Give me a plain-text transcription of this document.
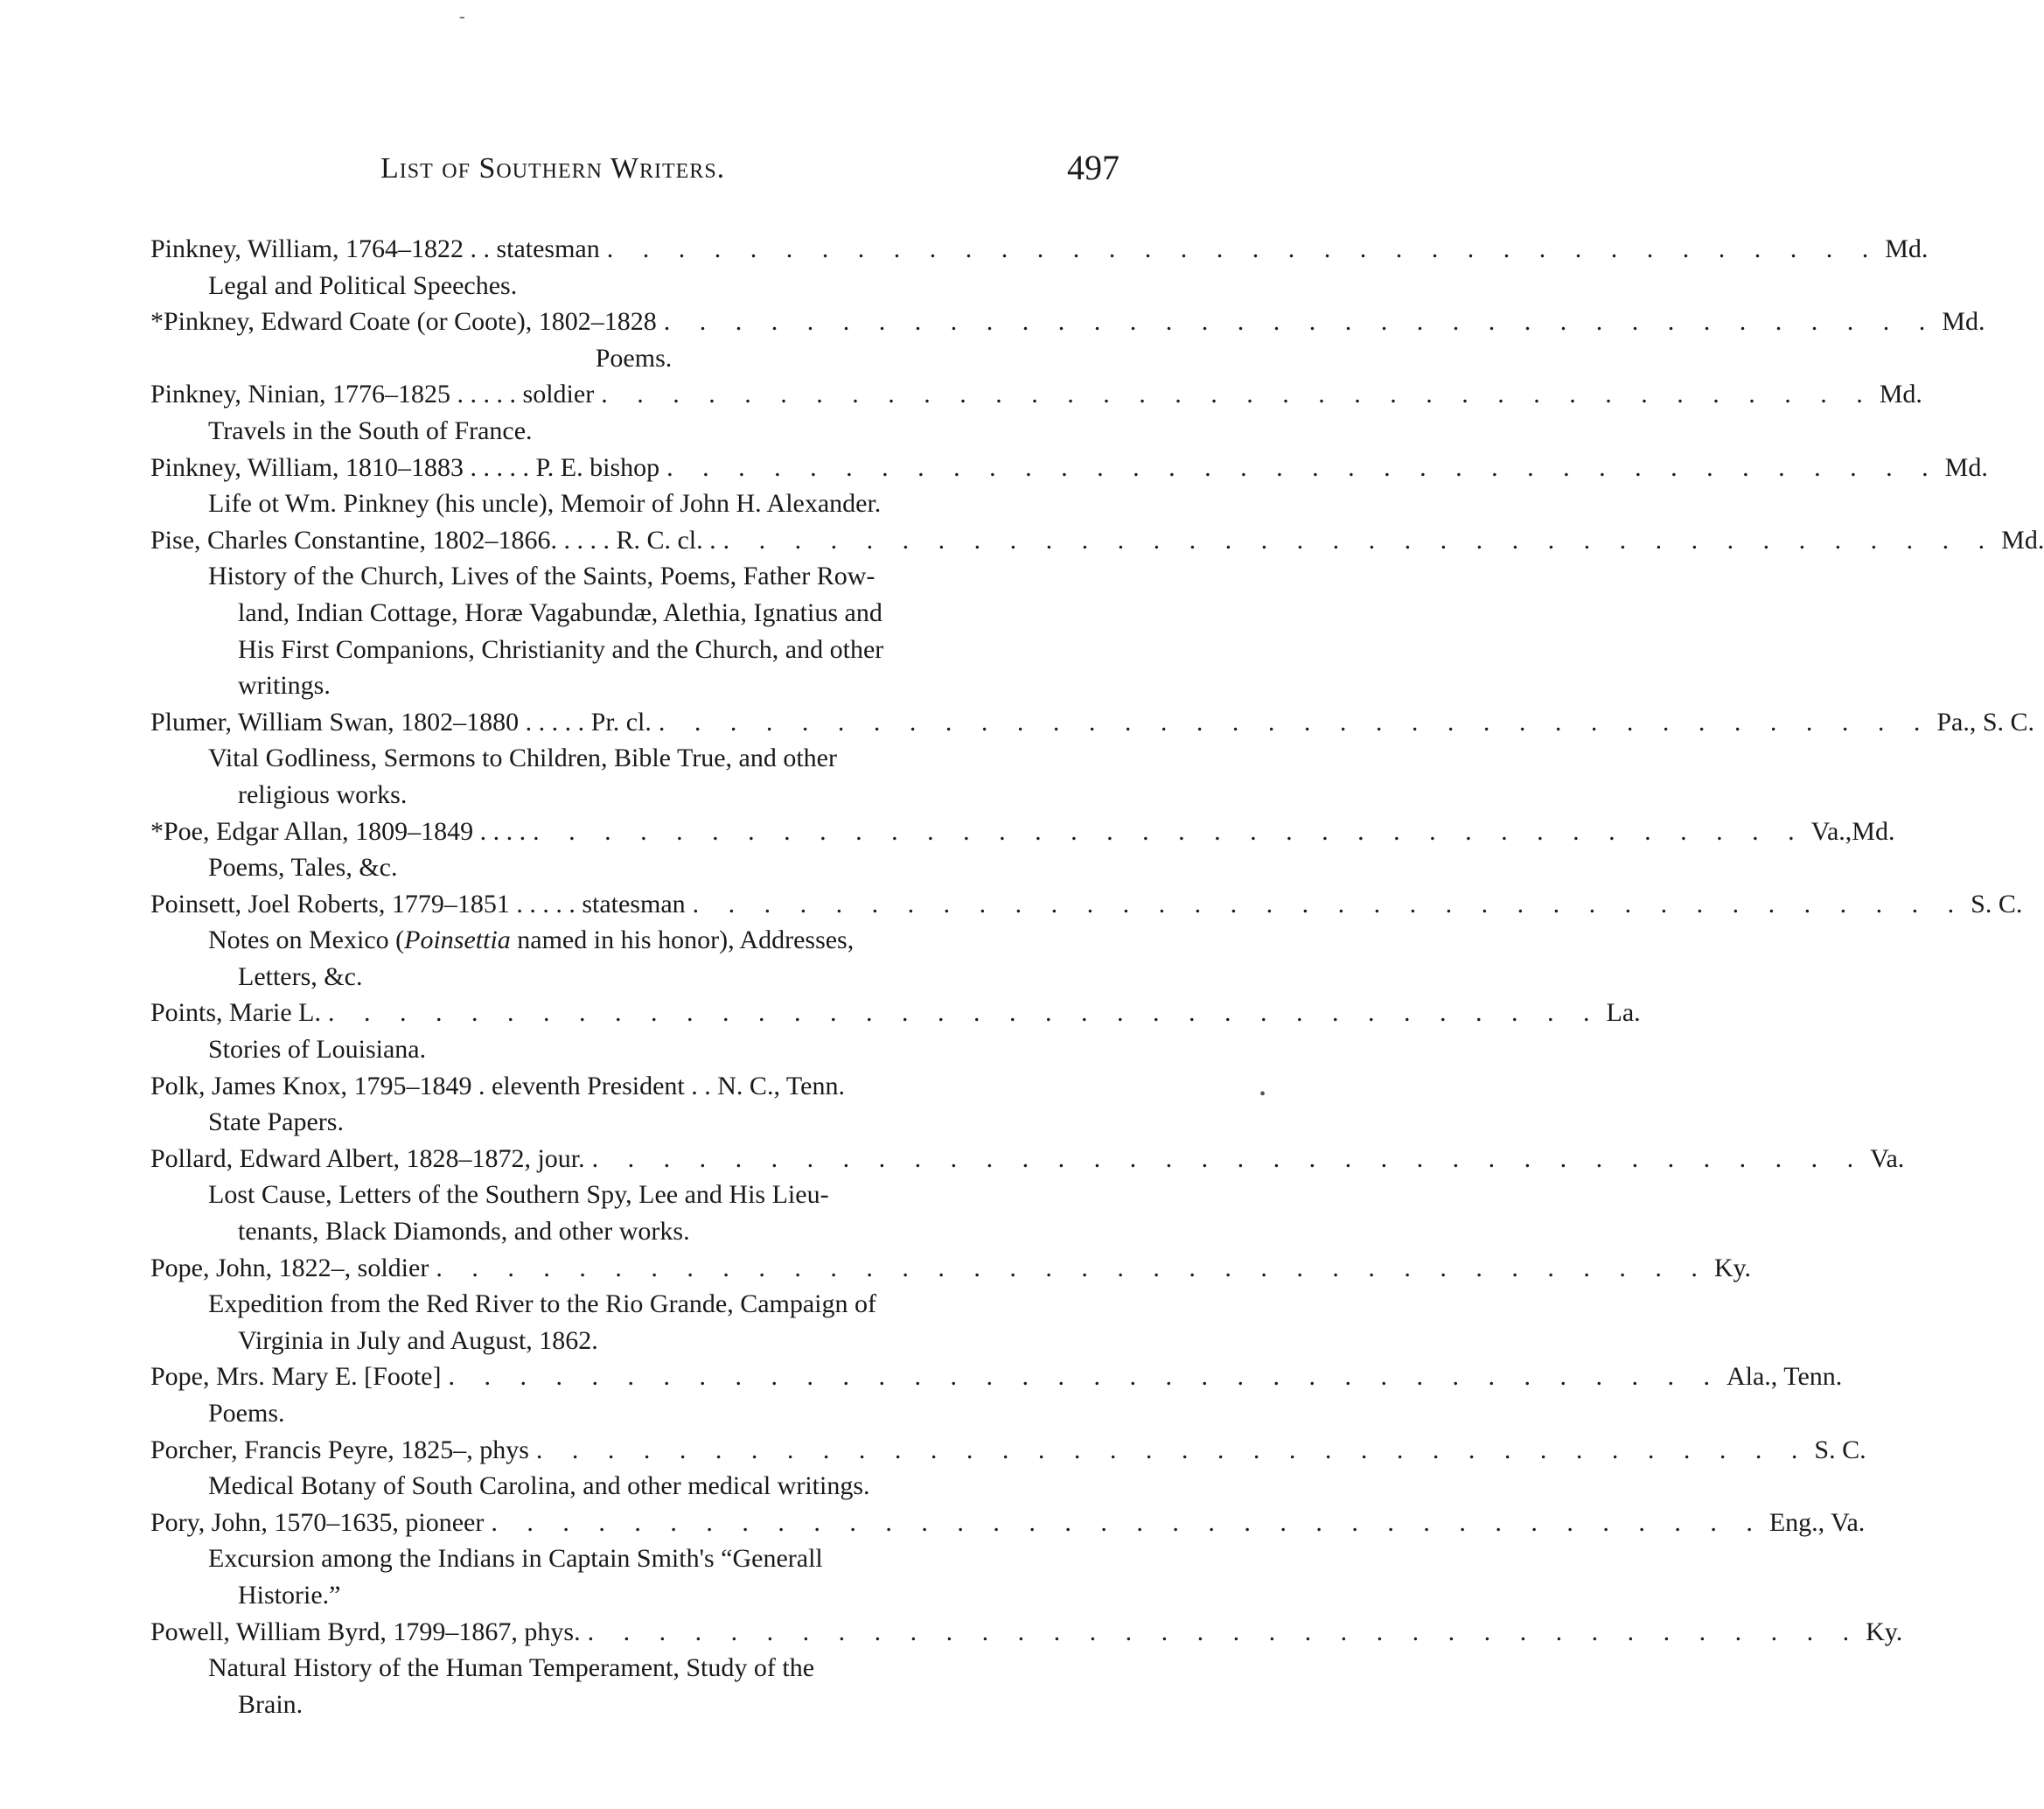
List of Southern Writers.	497
Pinkney, William, 1764–1822 . . statesman . . . . . . . . . . . . . . . . . . . . . . . . . . . . . . . . . . . . Md.
Legal and Political Speeches.
*Pinkney, Edward Coate (or Coote), 1802–1828 . . . . . . . . . . . . . . . . . . . . . . . . . . . . . . . . . . . . Md.
Poems.
Pinkney, Ninian, 1776–1825 . . . . . soldier . . . . . . . . . . . . . . . . . . . . . . . . . . . . . . . . . . . . Md.
Travels in the South of France.
Pinkney, William, 1810–1883 . . . . . P. E. bishop . . . . . . . . . . . . . . . . . . . . . . . . . . . . . . . . . . . . Md.
Life ot Wm. Pinkney (his uncle), Memoir of John H. Alexander.
Pise, Charles Constantine, 1802–1866. . . . . R. C. cl. . . . . . . . . . . . . . . . . . . . . . . . . . . . . . . . . . . . . . Md.
History of the Church, Lives of the Saints, Poems, Father Row-
land, Indian Cottage, Horæ Vagabundæ, Alethia, Ignatius and
His First Companions, Christianity and the Church, and other
writings.
Plumer, William Swan, 1802–1880 . . . . . Pr. cl. . . . . . . . . . . . . . . . . . . . . . . . . . . . . . . . . . . . . Pa., S. C.
Vital Godliness, Sermons to Children, Bible True, and other
religious works.
*Poe, Edgar Allan, 1809–1849 . . . . . . . . . . . . . . . . . . . . . . . . . . . . . . . . . . . . . . . . Va.,Md.
Poems, Tales, &c.
Poinsett, Joel Roberts, 1779–1851 . . . . . statesman . . . . . . . . . . . . . . . . . . . . . . . . . . . . . . . . . . . . S. C.
Notes on Mexico (Poinsettia named in his honor), Addresses,
Letters, &c.
Points, Marie L. . . . . . . . . . . . . . . . . . . . . . . . . . . . . . . . . . . . . La.
Stories of Louisiana.
Polk, James Knox, 1795–1849 . eleventh President . . N. C., Tenn.
State Papers.
Pollard, Edward Albert, 1828–1872, jour. . . . . . . . . . . . . . . . . . . . . . . . . . . . . . . . . . . . . Va.
Lost Cause, Letters of the Southern Spy, Lee and His Lieu-
tenants, Black Diamonds, and other works.
Pope, John, 1822–, soldier . . . . . . . . . . . . . . . . . . . . . . . . . . . . . . . . . . . . Ky.
Expedition from the Red River to the Rio Grande, Campaign of
Virginia in July and August, 1862.
Pope, Mrs. Mary E. [Foote] . . . . . . . . . . . . . . . . . . . . . . . . . . . . . . . . . . . . Ala., Tenn.
Poems.
Porcher, Francis Peyre, 1825–, phys . . . . . . . . . . . . . . . . . . . . . . . . . . . . . . . . . . . . S. C.
Medical Botany of South Carolina, and other medical writings.
Pory, John, 1570–1635, pioneer . . . . . . . . . . . . . . . . . . . . . . . . . . . . . . . . . . . . Eng., Va.
Excursion among the Indians in Captain Smith's “Generall
Historie.”
Powell, William Byrd, 1799–1867, phys. . . . . . . . . . . . . . . . . . . . . . . . . . . . . . . . . . . . . Ky.
Natural History of the Human Temperament, Study of the
Brain.
‐
•
